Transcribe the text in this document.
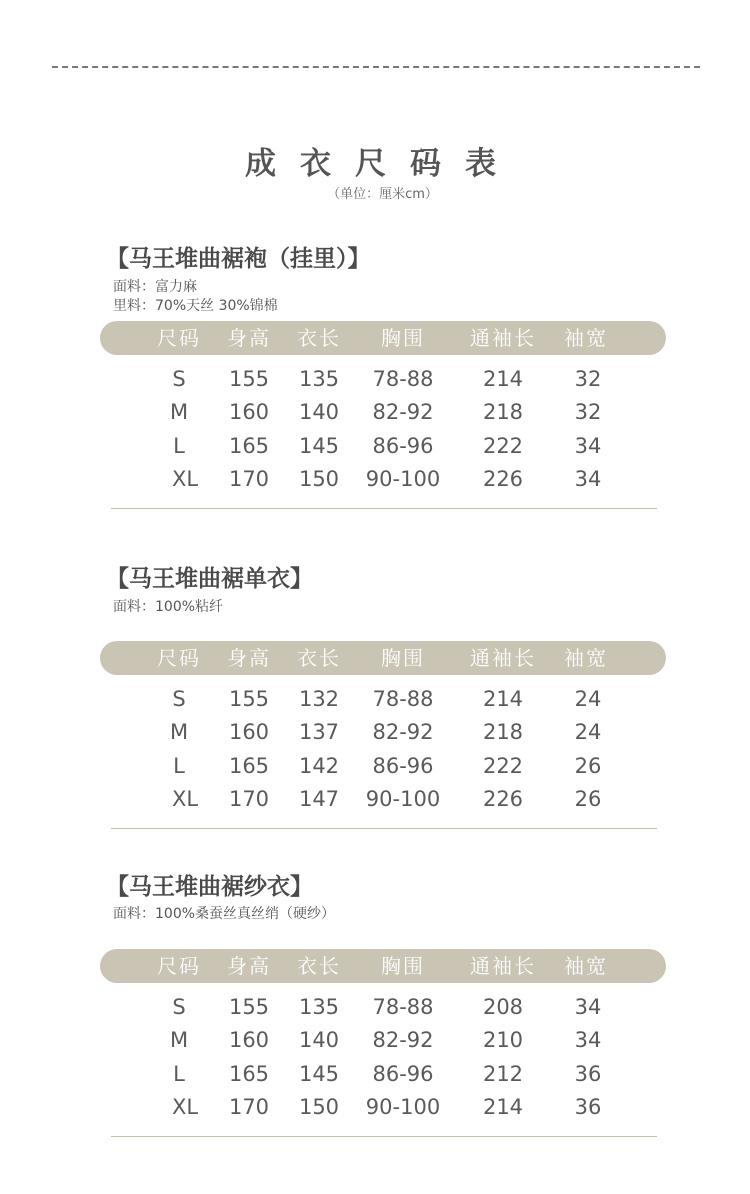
成衣尺码表
（单位：厘米cm）
【马王堆曲裾袍（挂里）】
面料：富力麻
里料：70%天丝 30%锦棉
尺码 身高 衣长 胸围 通袖长 袖宽
S 155 135 78-88 214 32
M 160 140 82-92 218 32
L 165 145 86-96 222 34
XL 170 150 90-100 226 34
【马王堆曲裾单衣】
面料：100%粘纤
尺码 身高 衣长 胸围 通袖长 袖宽
S 155 132 78-88 214 24
M 160 137 82-92 218 24
L 165 142 86-96 222 26
XL 170 147 90-100 226 26
【马王堆曲裾纱衣】
面料：100%桑蚕丝真丝绡（硬纱）
尺码 身高 衣长 胸围 通袖长 袖宽
S 155 135 78-88 208 34
M 160 140 82-92 210 34
L 165 145 86-96 212 36
XL 170 150 90-100 214 36
